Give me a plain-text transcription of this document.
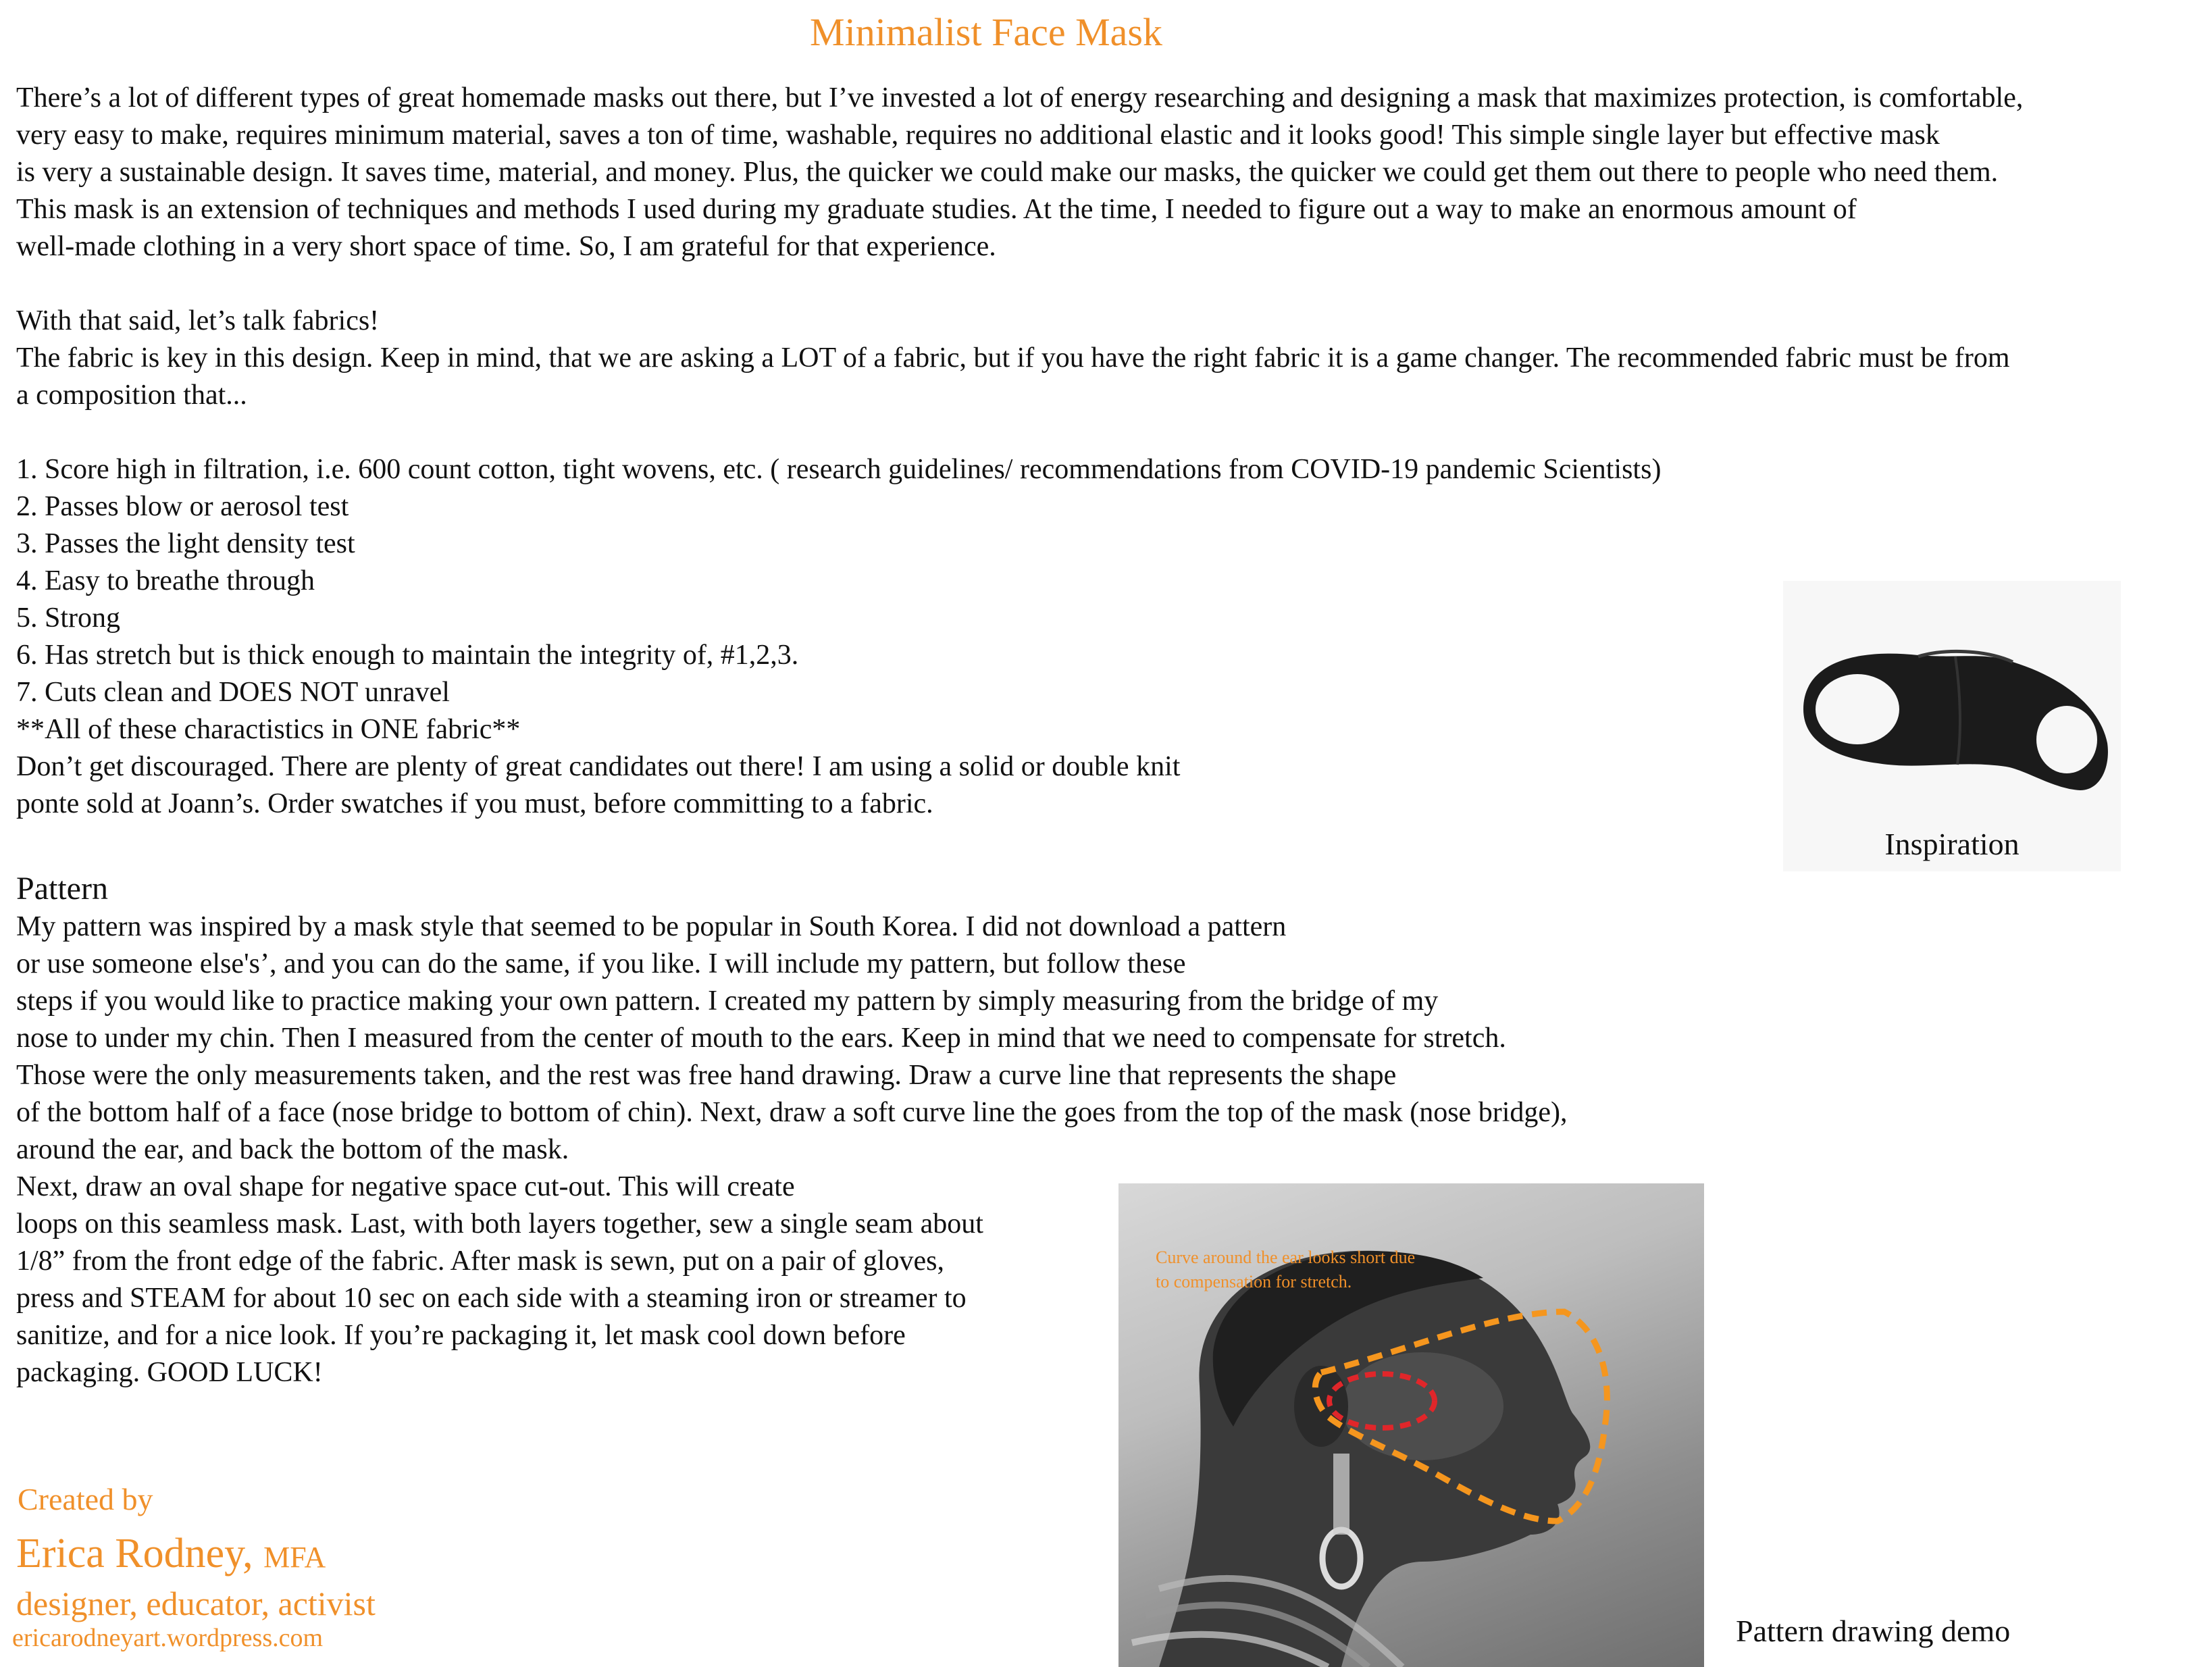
Minimalist Face Mask
There’s a lot of different types of great homemade masks out there, but I’ve invested a lot of energy researching and designing a mask that maximizes protection, is comfortable,
very easy to make, requires minimum material, saves a ton of time, washable, requires no additional elastic and it looks good! This simple single layer but effective mask
is very a sustainable design. It saves time, material, and money. Plus, the quicker we could make our masks, the quicker we could get them out there to people who need them.
This mask is an extension of techniques and methods I used during my graduate studies. At the time, I needed to figure out a way to make an enormous amount of
well-made clothing in a very short space of time. So, I am grateful for that experience.
With that said, let’s talk fabrics!
The fabric is key in this design. Keep in mind, that we are asking a LOT of a fabric, but if you have the right fabric it is a game changer. The recommended fabric must be from
a composition that...
1. Score high in filtration, i.e. 600 count cotton, tight wovens, etc. ( research guidelines/ recommendations from COVID-19 pandemic Scientists)
2. Passes blow or aerosol test
3. Passes the light density test
4. Easy to breathe through
5. Strong
6. Has stretch but is thick enough to maintain the integrity of, #1,2,3.
7. Cuts clean and DOES NOT unravel
**All of these charactistics in ONE fabric**
Don’t get discouraged. There are plenty of great candidates out there! I am using a solid or double knit
ponte sold at Joann’s. Order swatches if you must, before committing to a fabric.
Pattern
My pattern was inspired by a mask style that seemed to be popular in South Korea. I did not download a pattern
or use someone else's’, and you can do the same, if you like. I will include my pattern, but follow these
steps if you would like to practice making your own pattern. I created my pattern by simply measuring from the bridge of my
nose to under my chin. Then I measured from the center of mouth to the ears. Keep in mind that we need to compensate for stretch.
Those were the only measurements taken, and the rest was free hand drawing. Draw a curve line that represents the shape
of the bottom half of a face (nose bridge to bottom of chin). Next, draw a soft curve line the goes from the top of the mask (nose bridge),
around the ear, and back the bottom of the mask.
Next, draw an oval shape for negative space cut-out. This will create
loops on this seamless mask. Last, with both layers together, sew a single seam about
1/8” from the front edge of the fabric. After mask is sewn, put on a pair of gloves,
press and STEAM for about 10 sec on each side with a steaming iron or streamer to
sanitize, and for a nice look. If you’re packaging it, let mask cool down before
packaging. GOOD LUCK!
Inspiration
Curve around the ear looks short due to compensation for stretch.
Pattern drawing demo
Created by
Erica Rodney, MFA
designer, educator, activist
ericarodneyart.wordpress.com
